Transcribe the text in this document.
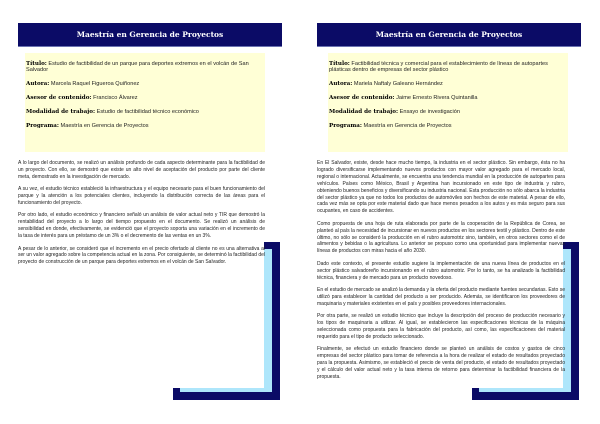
Maestría en Gerencia de Proyectos

Título: Estudio de factibilidad de un parque para deportes extremos en el volcán de San Salvador

Autora: Marcela Raquel Figueroa Quiñonez

Asesor de contenido: Francisco Álvarez

Modalidad de trabajo: Estudio de factibilidad técnico económico

Programa: Maestría en Gerencia de Proyectos

A lo largo del documento, se realizó un análisis profundo de cada aspecto determinante para la factibilidad de un proyecto. Con ello, se demostró que existe un alto nivel de aceptación del producto por parte del cliente meta, demostrado en la investigación de mercado.

A su vez, el estudio técnico estableció la infraestructura y el equipo necesario para el buen funcionamiento del parque y la atención a los potenciales clientes, incluyendo la distribución correcta de las áreas para el funcionamiento del proyecto.

Por otro lado, el estudio económico y financiero señaló un análisis de valor actual neto y TIR que demostró la rentabilidad del proyecto a lo largo del tiempo propuesto en el documento. Se realizó un análisis de sensibilidad en donde, efectivamente, se evidenció que el proyecto soporta una variación en el incremento de la tasa de interés para un préstamo de un 3% o el decremento de las ventas en un 3%.

A pesar de lo anterior, se consideró que el incremento en el precio ofertado al cliente no es una alternativa al ser un valor agregado sobre la competencia actual en la zona. Por consiguiente, se determinó la factibilidad del proyecto de construcción de un parque para deportes extremos en el volcán de San Salvador.

Maestría en Gerencia de Proyectos

Título: Factibilidad técnica y comercial para el establecimiento de líneas de autopartes plásticas dentro de empresas del sector plástico

Autora: Mariela Naftaly Galeano Hernández

Asesor de contenido: Jaime Ernesto Rivera Quintanilla

Modalidad de trabajo: Ensayo de investigación

Programa: Maestría en Gerencia de Proyectos

En El Salvador, existe, desde hace mucho tiempo, la industria en el sector plástico. Sin embargo, ésta no ha logrado diversificarse implementando nuevos productos con mayor valor agregado para el mercado local, regional o internacional. Actualmente, se encuentra una tendencia mundial en la producción de autopartes para vehículos. Países como México, Brasil y Argentina han incursionado en este tipo de industria y rubro, obteniendo buenos beneficios y diversificando su industria nacional. Esta producción no sólo abarca la industria del sector plástico ya que no todos los productos de automóviles son hechos de este material. A pesar de ello, cada vez más se opta por este material dado que hace menos pesados a los autos y es más seguro para sus ocupantes, en caso de accidentes.

Como propuesta de una hoja de ruta elaborada por parte de la cooperación de la República de Corea, se planteó al país la necesidad de incursionar en nuevos productos en los sectores textil y plástico. Dentro de este último, no sólo se consideró la producción en el rubro automotriz sino, también, en otros sectores como el de alimentos y bebidas o la agricultura. Lo anterior se propuso como una oportunidad para implementar nuevas líneas de productos con miras hacia el año 2030.

Dado este contexto, el presente estudio sugiere la implementación de una nueva línea de productos en el sector plástico salvadoreño incursionando en el rubro automotriz. Por lo tanto, se ha analizado la factibilidad técnica, financiera y de mercado para un producto novedoso.

En el estudio de mercado se analizó la demanda y la oferta del producto mediante fuentes secundarias. Esto se utilizó para establecer la cantidad del producto a ser producido. Además, se identificaron los proveedores de maquinaria y materiales existentes en el país y posibles proveedores internacionales.

Por otra parte, se realizó un estudio técnico que incluye la descripción del proceso de producción necesario y los tipos de maquinaria a utilizar. Al igual, se establecieron las especificaciones técnicas de la máquina seleccionada como propuesta para la fabricación del producto, así como, las especificaciones del material requerido para el tipo de producto seleccionado.

Finalmente, se efectuó un estudio financiero donde se planteó un análisis de costos y gastos de cinco empresas del sector plástico para tomar de referencia a la hora de realizar el estado de resultados proyectado para la propuesta. Asimismo, se estableció el precio de venta del producto, el estado de resultados proyectado y el cálculo del valor actual neto y la tasa interna de retorno para determinar la factibilidad financiera de la propuesta.
